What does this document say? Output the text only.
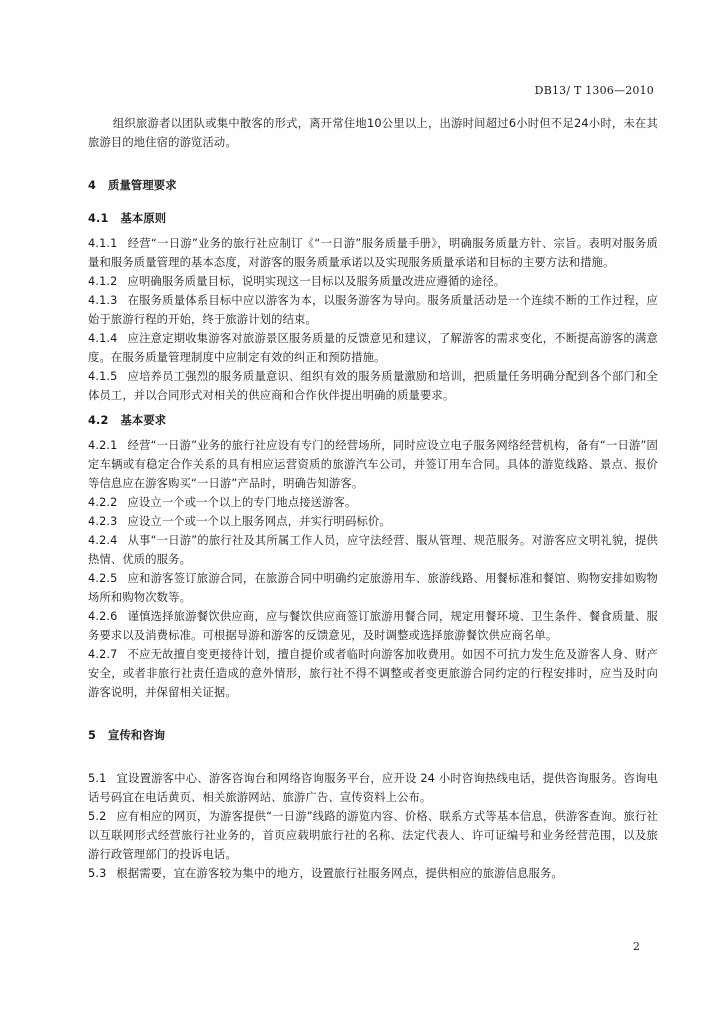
DB13/ T 1306—2010

组织旅游者以团队或集中散客的形式，离开常住地10公里以上，出游时间超过6小时但不足24小时，未在其旅游目的地住宿的游览活动。

4 质量管理要求

4.1 基本原则

4.1.1 经营“一日游”业务的旅行社应制订《“一日游”服务质量手册》，明确服务质量方针、宗旨。表明对服务质量和服务质量管理的基本态度，对游客的服务质量承诺以及实现服务质量承诺和目标的主要方法和措施。

4.1.2 应明确服务质量目标，说明实现这一目标以及服务质量改进应遵循的途径。

4.1.3 在服务质量体系目标中应以游客为本，以服务游客为导向。服务质量活动是一个连续不断的工作过程，应始于旅游行程的开始，终于旅游计划的结束。

4.1.4 应注意定期收集游客对旅游景区服务质量的反馈意见和建议，了解游客的需求变化，不断提高游客的满意度。在服务质量管理制度中应制定有效的纠正和预防措施。

4.1.5 应培养员工强烈的服务质量意识、组织有效的服务质量激励和培训，把质量任务明确分配到各个部门和全体员工，并以合同形式对相关的供应商和合作伙伴提出明确的质量要求。

4.2 基本要求

4.2.1 经营“一日游”业务的旅行社应设有专门的经营场所，同时应设立电子服务网络经营机构，备有“一日游”固定车辆或有稳定合作关系的具有相应运营资质的旅游汽车公司，并签订用车合同。具体的游览线路、景点、报价等信息应在游客购买“一日游”产品时，明确告知游客。

4.2.2 应设立一个或一个以上的专门地点接送游客。

4.2.3 应设立一个或一个以上服务网点，并实行明码标价。

4.2.4 从事“一日游”的旅行社及其所属工作人员，应守法经营、服从管理、规范服务。对游客应文明礼貌，提供热情、优质的服务。

4.2.5 应和游客签订旅游合同，在旅游合同中明确约定旅游用车、旅游线路、用餐标准和餐馆、购物安排如购物场所和购物次数等。

4.2.6 谨慎选择旅游餐饮供应商，应与餐饮供应商签订旅游用餐合同，规定用餐环境、卫生条件、餐食质量、服务要求以及消费标准。可根据导游和游客的反馈意见，及时调整或选择旅游餐饮供应商名单。

4.2.7 不应无故擅自变更接待计划，擅自提价或者临时向游客加收费用。如因不可抗力发生危及游客人身、财产安全，或者非旅行社责任造成的意外情形，旅行社不得不调整或者变更旅游合同约定的行程安排时，应当及时向游客说明，并保留相关证据。

5 宣传和咨询

5.1 宜设置游客中心、游客咨询台和网络咨询服务平台，应开设 24 小时咨询热线电话，提供咨询服务。咨询电话号码宜在电话黄页、相关旅游网站、旅游广告、宣传资料上公布。

5.2 应有相应的网页，为游客提供“一日游”线路的游览内容、价格、联系方式等基本信息，供游客查询。旅行社以互联网形式经营旅行社业务的，首页应载明旅行社的名称、法定代表人、许可证编号和业务经营范围，以及旅游行政管理部门的投诉电话。

5.3 根据需要，宜在游客较为集中的地方，设置旅行社服务网点，提供相应的旅游信息服务。

2
